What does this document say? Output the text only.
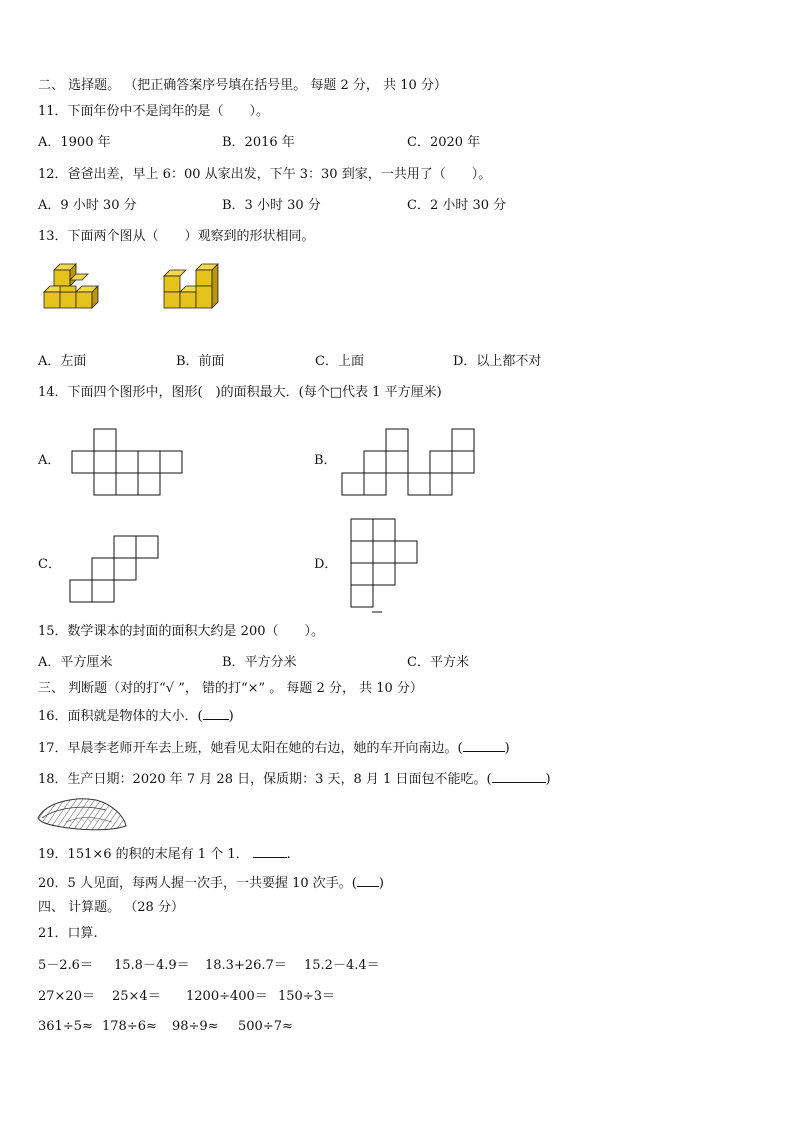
二、 选择题。 （把正确答案序号填在括号里。 每题 2 分， 共 10 分）
11．下面年份中不是闰年的是（　　）。
A．1900 年	B．2016 年	C．2020 年
12．爸爸出差，早上 6：00 从家出发，下午 3：30 到家，一共用了（　　）。
A．9 小时 30 分	B．3 小时 30 分	C．2 小时 30 分
13．下面两个图从（　　）观察到的形状相同。
A．左面	B．前面	C．上面	D．以上都不对
14．下面四个图形中，图形(　)的面积最大．(每个□代表 1 平方厘米)
A．	B．
C．	D．
15．数学课本的封面的面积大约是 200（　　）。
A．平方厘米	B．平方分米	C．平方米
三、 判断题（对的打“√ ”， 错的打“×” 。 每题 2 分， 共 10 分）
16．面积就是物体的大小．( )
17．早晨李老师开车去上班，她看见太阳在她的右边，她的车开向南边。(	)
18．生产日期：2020 年 7 月 28 日，保质期：3 天，8 月 1 日面包不能吃。(	)
19．151×6 的积的末尾有 1 个 1．	.
20．5 人见面，每两人握一次手，一共要握 10 次手。( )
四、 计算题。 （28 分）
21．口算.
5－2.6＝ 15.8－4.9＝ 18.3+26.7＝ 15.2－4.4＝
27×20＝ 25×4＝ 1200÷400＝ 150÷3＝
361÷5≈ 178÷6≈ 98÷9≈ 500÷7≈
